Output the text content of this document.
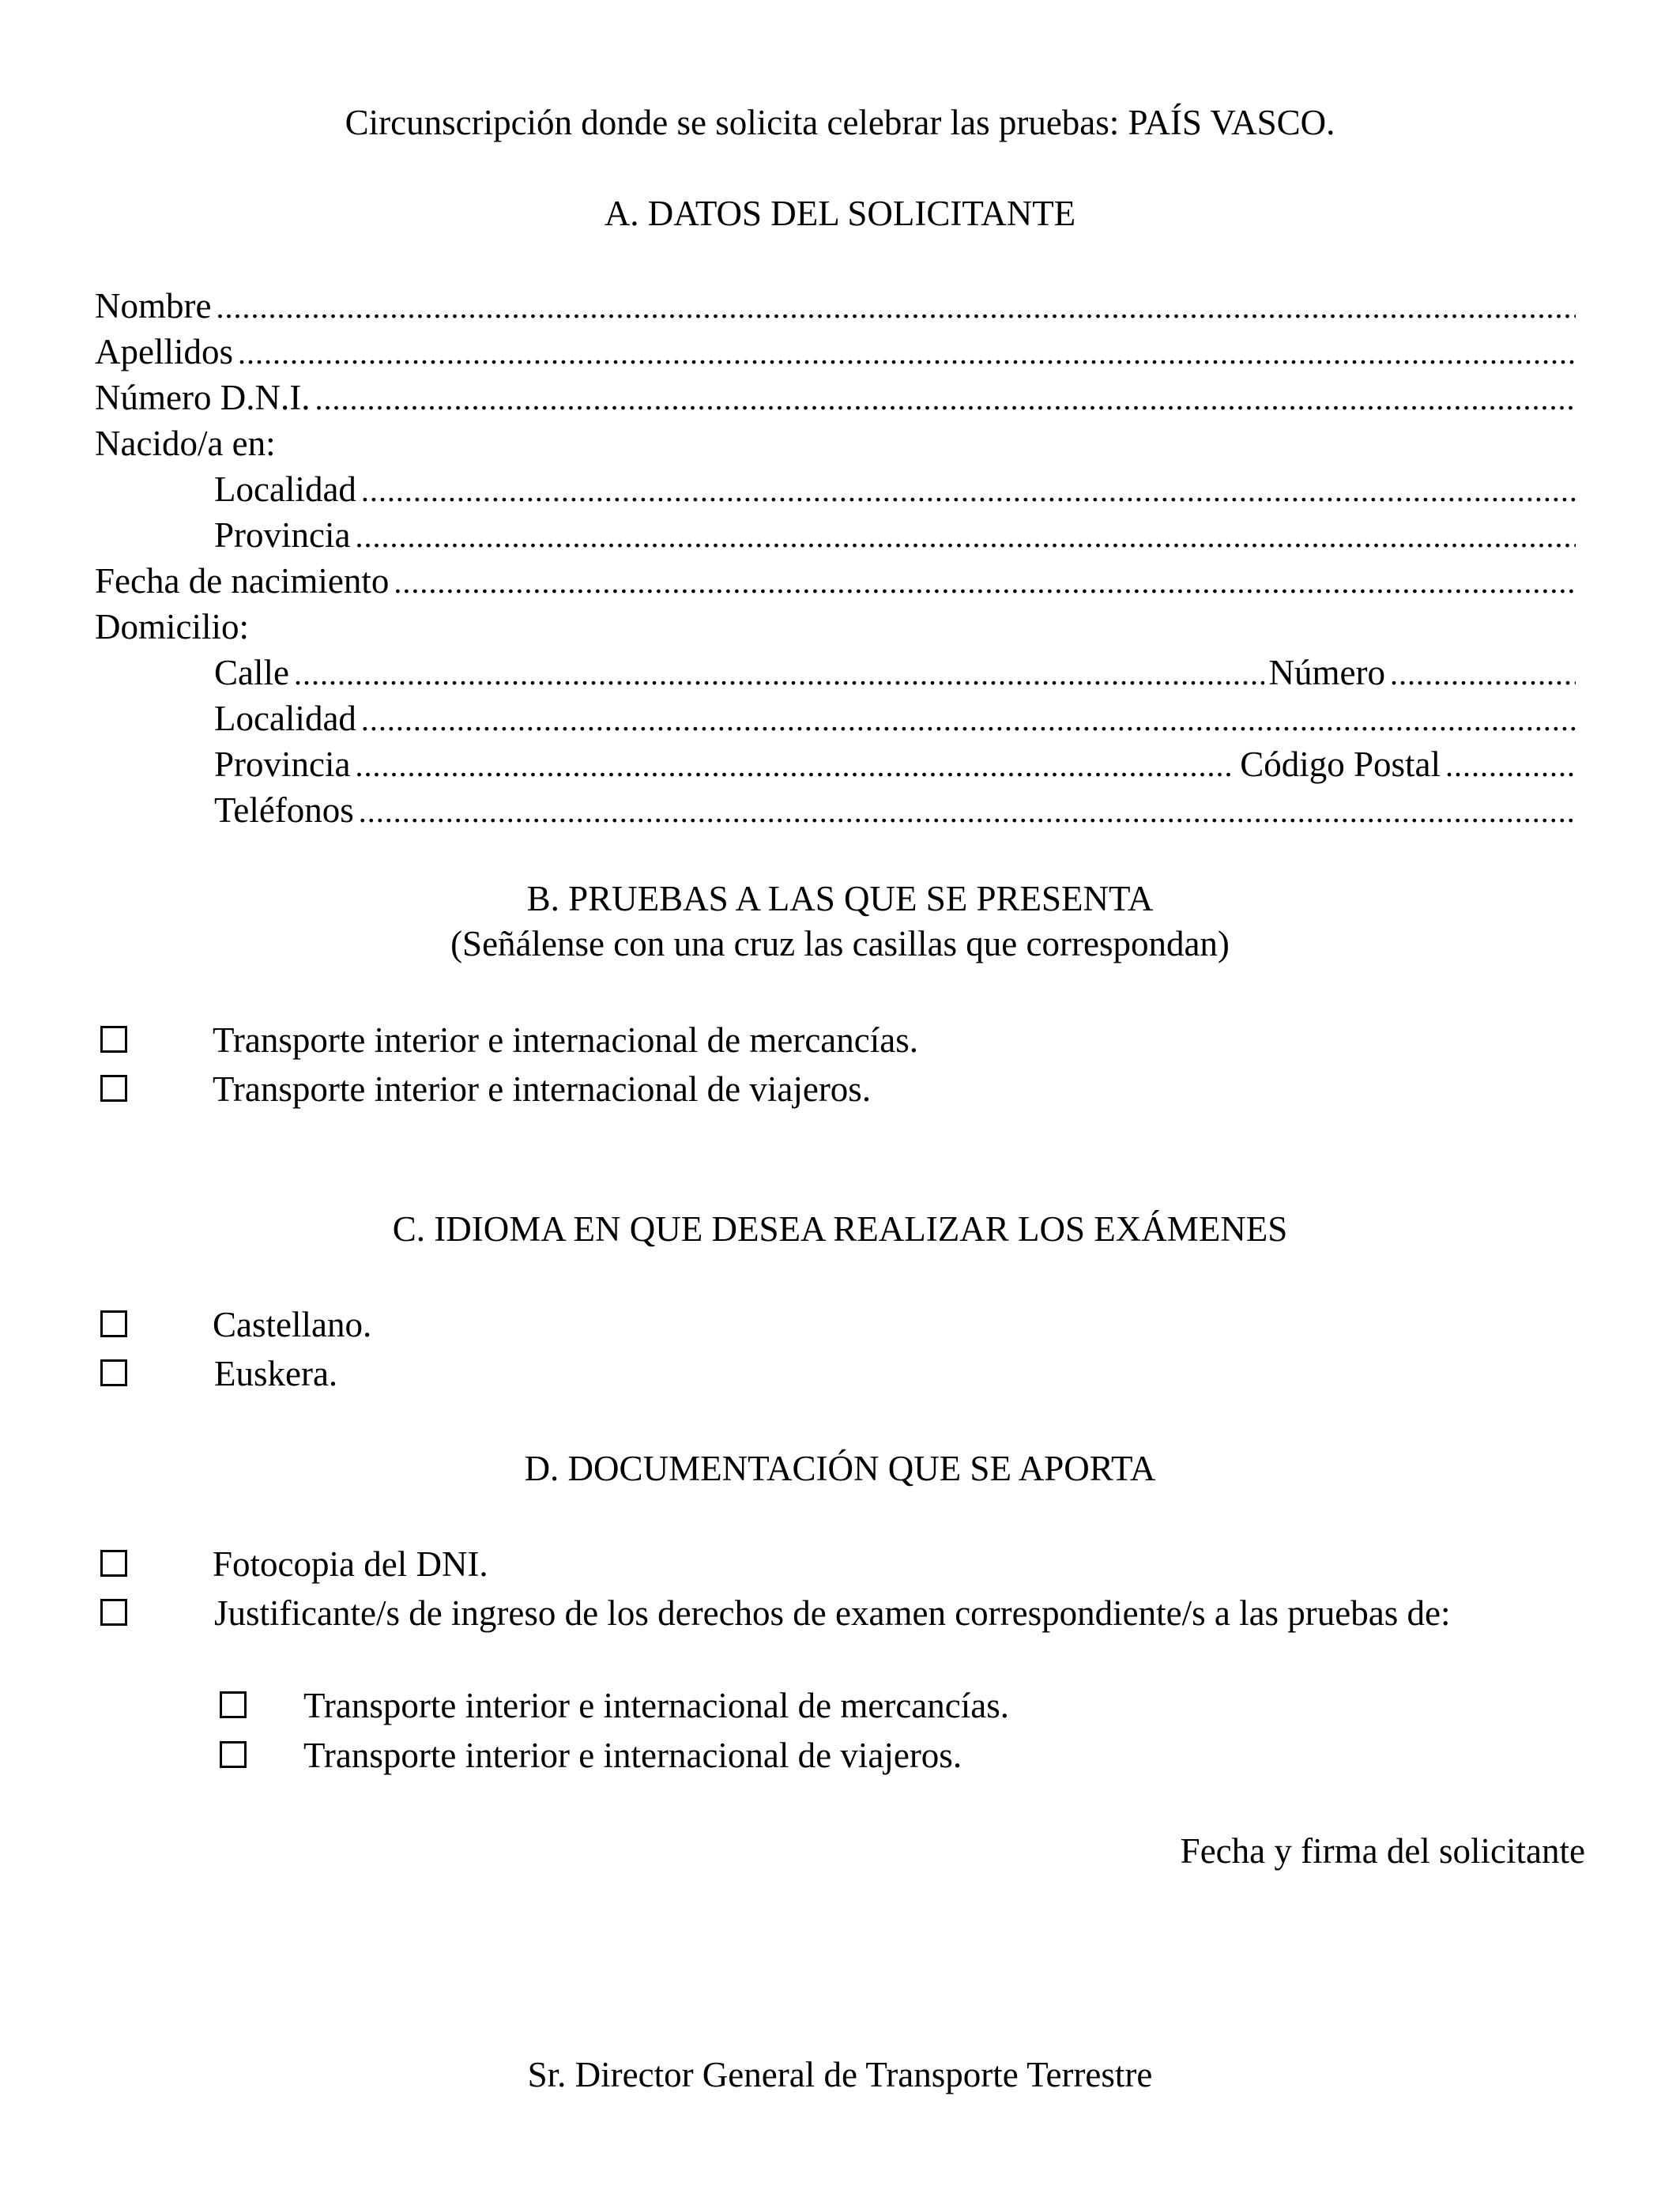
Circunscripción donde se solicita celebrar las pruebas: PAÍS VASCO.
A. DATOS DEL SOLICITANTE
Nombre
.....
Apellidos
.....
Número D.N.I.
.....
Nacido/a en:
Localidad
.....
Provincia
.....
Fecha de nacimiento
.....
Domicilio:
Calle .....	Número
.....
Localidad
.....
Provincia .....	Código Postal
.....
Teléfonos
.....
B. PRUEBAS A LAS QUE SE PRESENTA
(Señálense con una cruz las casillas que correspondan)
Transporte interior e internacional de mercancías.
Transporte interior e internacional de viajeros.
C. IDIOMA EN QUE DESEA REALIZAR LOS EXÁMENES
Castellano.
Euskera.
D. DOCUMENTACIÓN QUE SE APORTA
Fotocopia del DNI.
Justificante/s de ingreso de los derechos de examen correspondiente/s a las pruebas de:
Transporte interior e internacional de mercancías.
Transporte interior e internacional de viajeros.
Fecha y firma del solicitante
Sr. Director General de Transporte Terrestre
